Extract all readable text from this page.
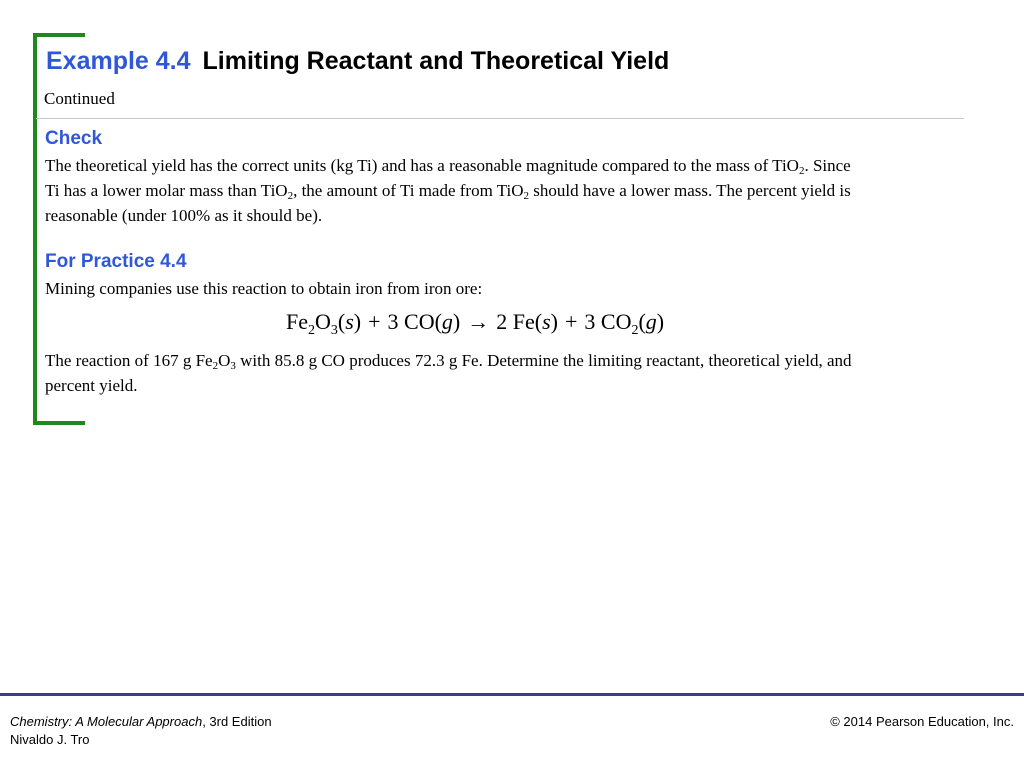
Example 4.4 Limiting Reactant and Theoretical Yield
Continued
Check
The theoretical yield has the correct units (kg Ti) and has a reasonable magnitude compared to the mass of TiO$_2$. Since
Ti has a lower molar mass than TiO$_2$, the amount of Ti made from TiO$_2$ should have a lower mass. The percent yield is
reasonable (under 100% as it should be).
For Practice 4.4
Mining companies use this reaction to obtain iron from iron ore:
$Fe_2O_3(s) + 3$ CO(g) → 2 Fe(s) + 3 $CO_2(g)$
The reaction of 167 g $Fe_2O_3$ with 85.8 g CO produces 72.3 g Fe. Determine the limiting reactant, theoretical yield, and
percent yield.
Chemistry: A Molecular Approach, 3rd Edition
Nivaldo J. Tro
© 2014 Pearson Education, Inc.
